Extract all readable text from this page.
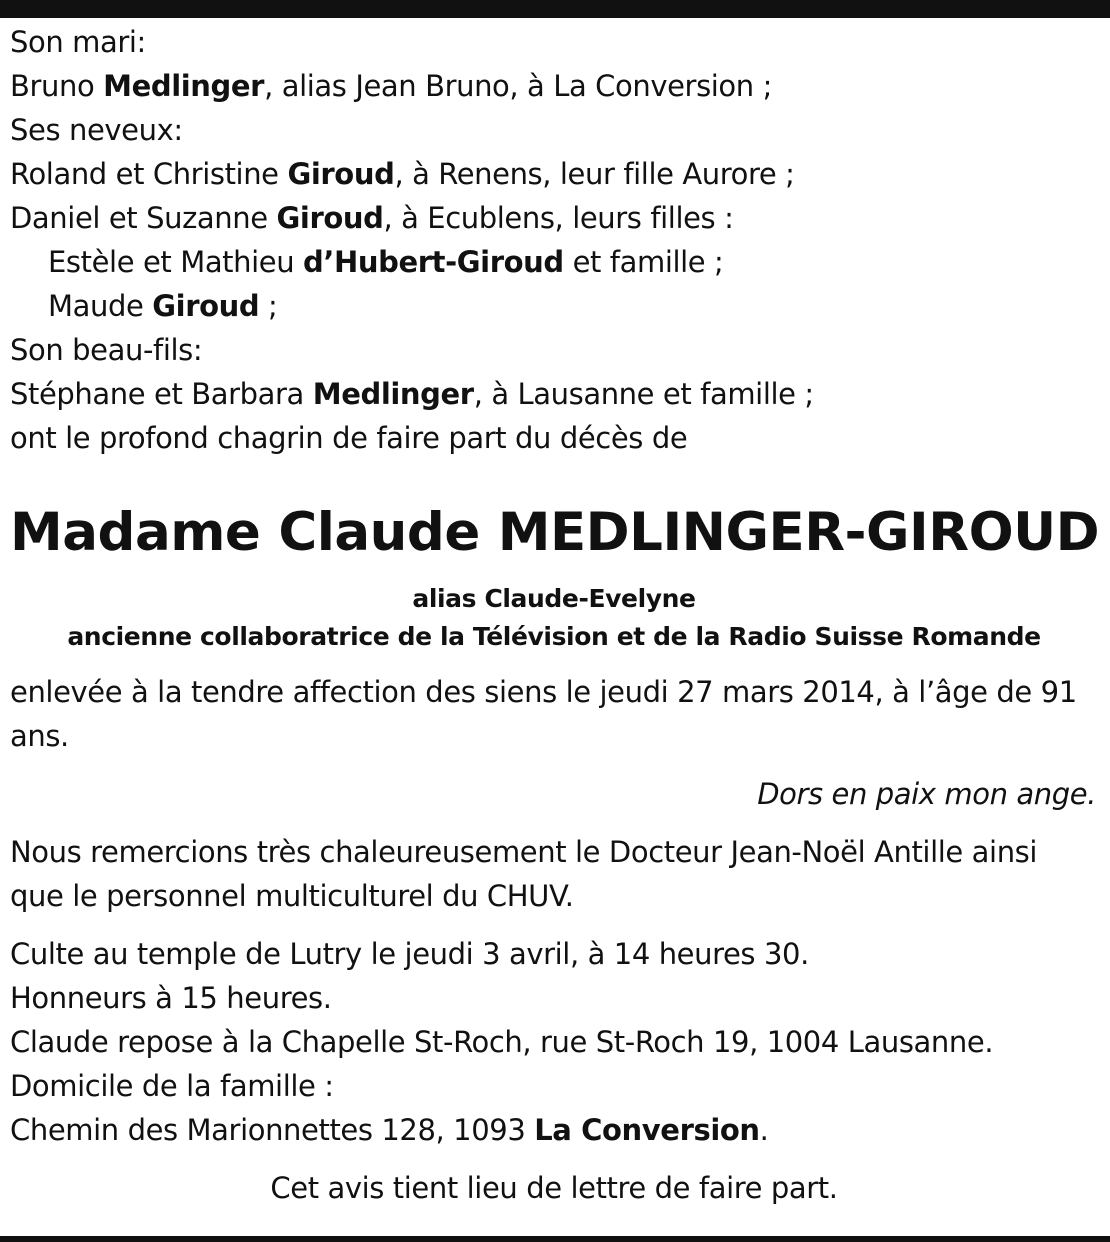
Son mari:
Bruno Medlinger, alias Jean Bruno, à La Conversion ;
Ses neveux:
Roland et Christine Giroud, à Renens, leur fille Aurore ;
Daniel et Suzanne Giroud, à Ecublens, leurs filles :
Estèle et Mathieu d’Hubert-Giroud et famille ;
Maude Giroud ;
Son beau-fils:
Stéphane et Barbara Medlinger, à Lausanne et famille ;
ont le profond chagrin de faire part du décès de
Madame Claude MEDLINGER-GIROUD
alias Claude-Evelyne
ancienne collaboratrice de la Télévision et de la Radio Suisse Romande
enlevée à la tendre affection des siens le jeudi 27 mars 2014, à l’âge de 91 ans.
Dors en paix mon ange.
Nous remercions très chaleureusement le Docteur Jean-Noël Antille ainsi que le personnel multiculturel du CHUV.
Culte au temple de Lutry le jeudi 3 avril, à 14 heures 30.
Honneurs à 15 heures.
Claude repose à la Chapelle St-Roch, rue St-Roch 19, 1004 Lausanne.
Domicile de la famille :
Chemin des Marionnettes 128, 1093 La Conversion.
Cet avis tient lieu de lettre de faire part.
